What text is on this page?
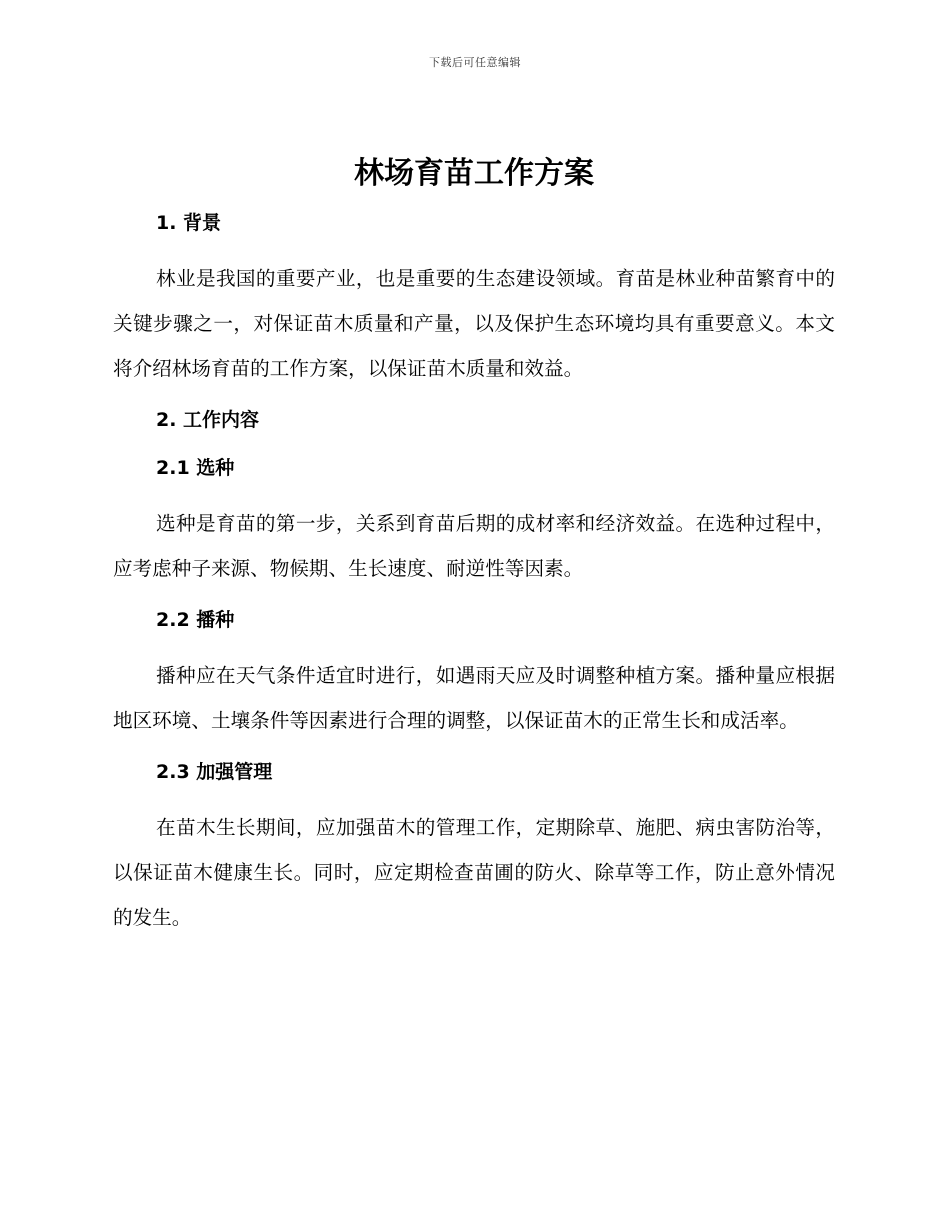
下载后可任意编辑
林场育苗工作方案
1. 背景

林业是我国的重要产业，也是重要的生态建设领域。育苗是林业种苗繁育中的关键步骤之一，对保证苗木质量和产量，以及保护生态环境均具有重要意义。本文将介绍林场育苗的工作方案，以保证苗木质量和效益。

2. 工作内容
2.1 选种

选种是育苗的第一步，关系到育苗后期的成材率和经济效益。在选种过程中，应考虑种子来源、物候期、生长速度、耐逆性等因素。

2.2 播种

播种应在天气条件适宜时进行，如遇雨天应及时调整种植方案。播种量应根据地区环境、土壤条件等因素进行合理的调整，以保证苗木的正常生长和成活率。

2.3 加强管理

在苗木生长期间，应加强苗木的管理工作，定期除草、施肥、病虫害防治等，以保证苗木健康生长。同时，应定期检查苗圃的防火、除草等工作，防止意外情况的发生。
